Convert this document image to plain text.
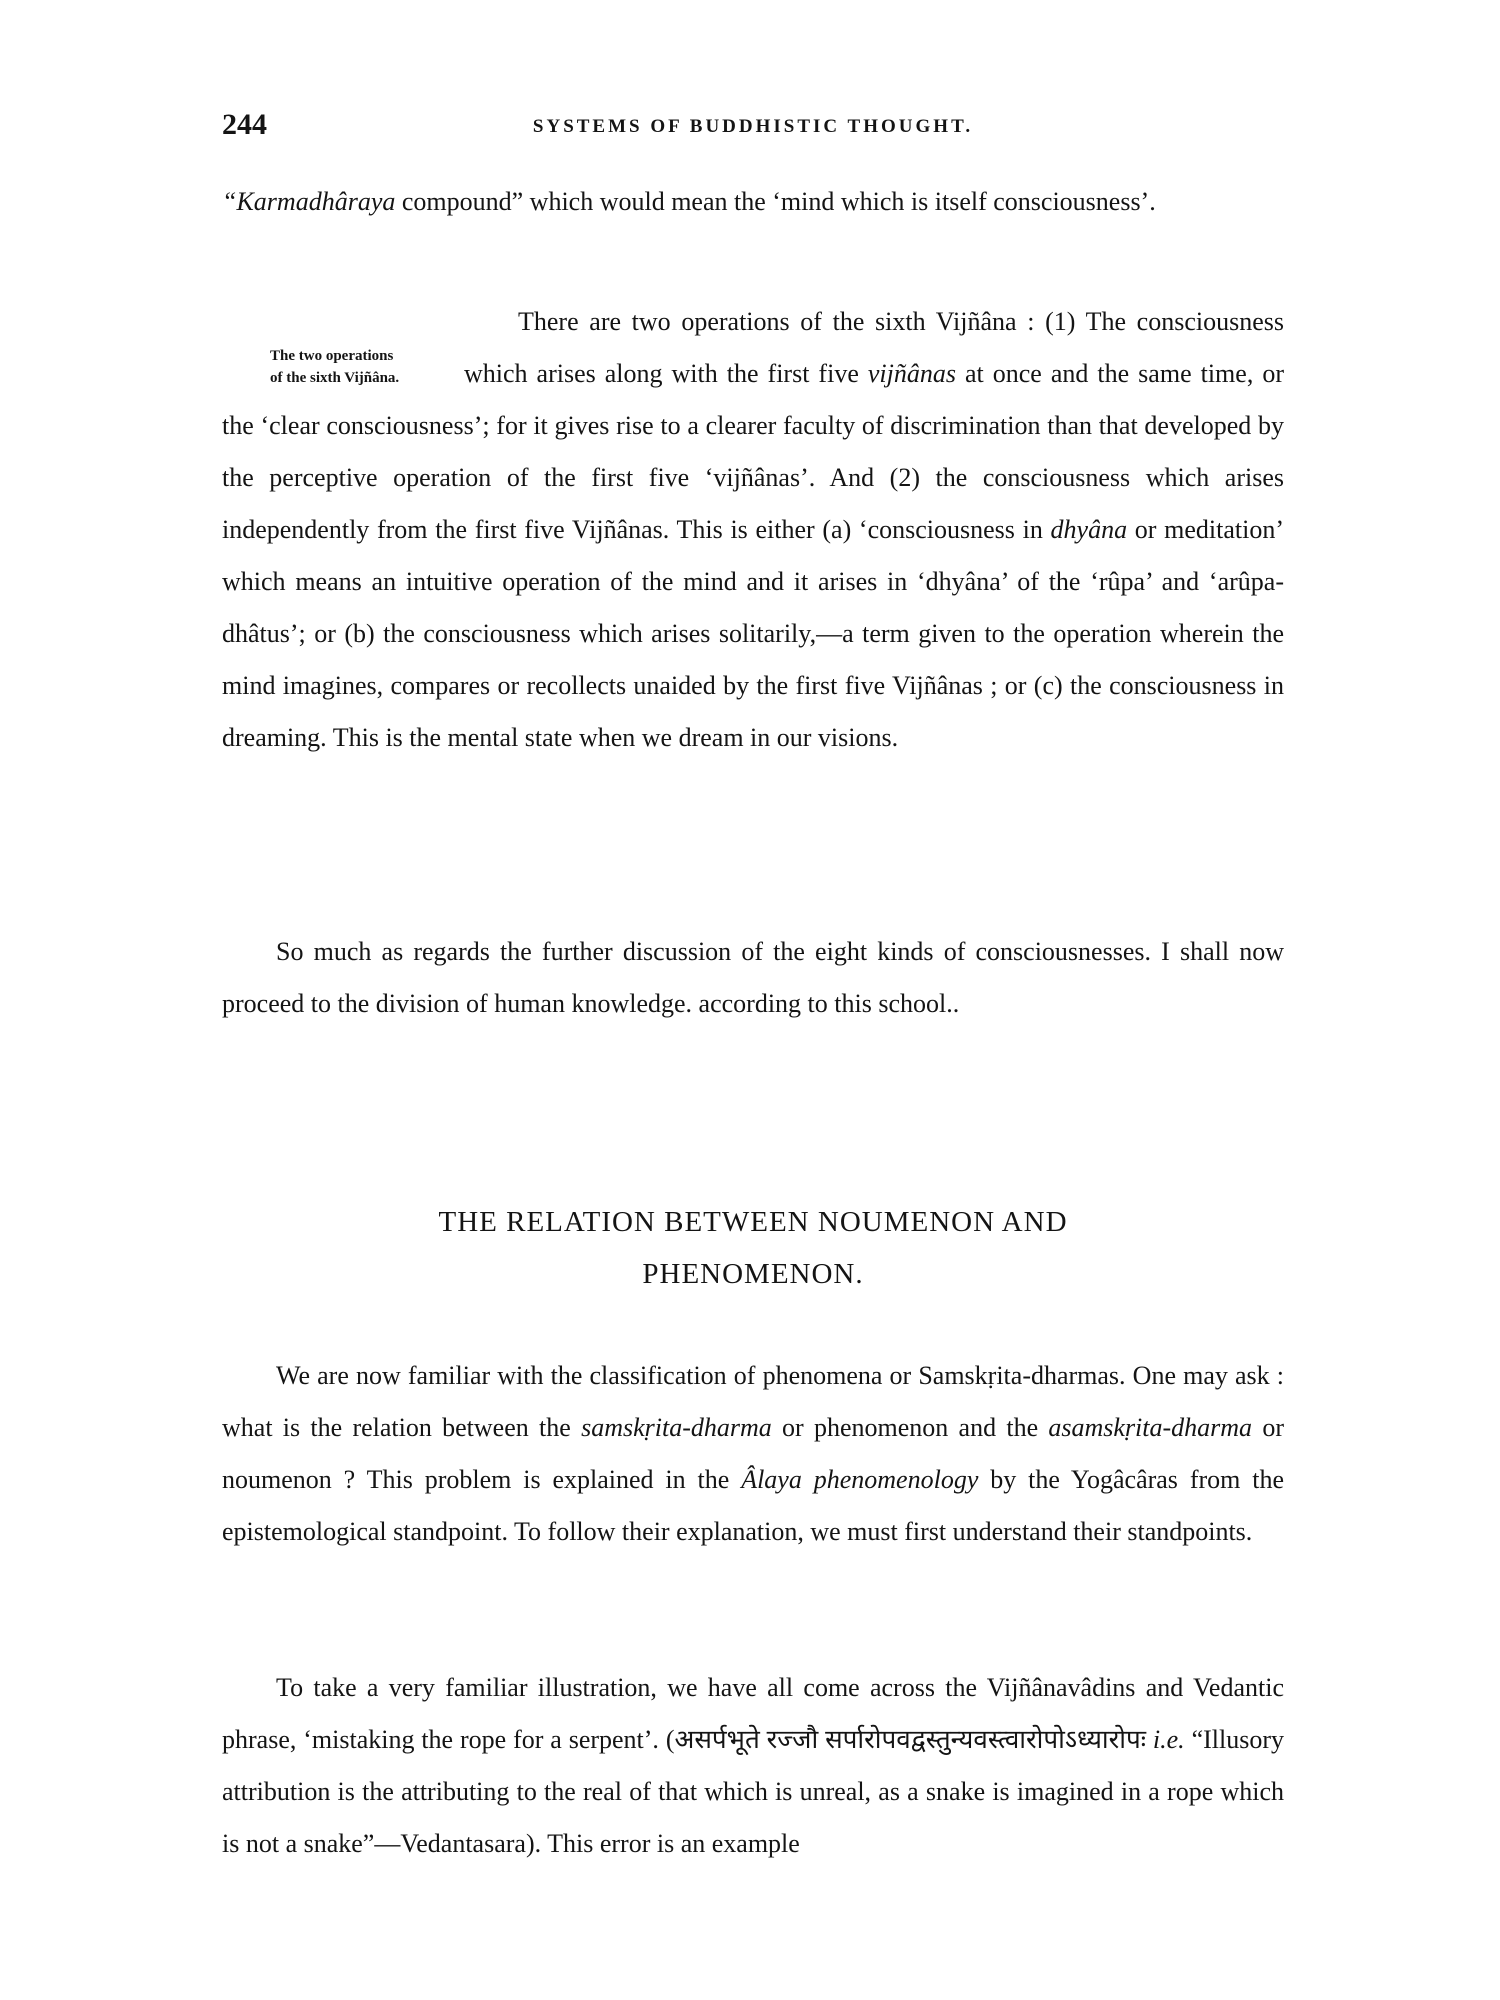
244	SYSTEMS OF BUDDHISTIC THOUGHT.

“Karmadhâraya compound” which would mean the ‘mind which is itself consciousness’.

The two operations
of the sixth Vijñâna.
There are two operations of the sixth Vijñâna : (1) The consciousness which arises along with the first five vijñânas at once and the same time, or the ‘clear consciousness’; for it gives rise to a clearer faculty of discrimination than that developed by the perceptive operation of the first five ‘vijñânas’. And (2) the consciousness which arises independently from the first five Vijñânas. This is either (a) ‘consciousness in dhyâna or meditation’ which means an intuitive operation of the mind and it arises in ‘dhyâna’ of the ‘rûpa’ and ‘arûpa-dhâtus’; or (b) the consciousness which arises solitarily,—a term given to the operation wherein the mind imagines, compares or recollects unaided by the first five Vijñânas ; or (c) the consciousness in dreaming. This is the mental state when we dream in our visions.

So much as regards the further discussion of the eight kinds of consciousnesses. I shall now proceed to the division of human knowledge. according to this school..

THE RELATION BETWEEN NOUMENON AND
PHENOMENON.

We are now familiar with the classification of phenomena or Samskṛita-dharmas. One may ask : what is the relation between the samskṛita-dharma or phenomenon and the asamskṛita-dharma or noumenon ? This problem is explained in the Âlaya phenomenology by the Yogâcâras from the epistemological standpoint. To follow their explanation, we must first understand their standpoints.

To take a very familiar illustration, we have all come across the Vijñânavâdins and Vedantic phrase, ‘mistaking the rope for a serpent’. (असर्पभूते रज्जौ सर्पारोपवद्वस्तुन्यवस्त्वारोपोऽध्यारोपः i.e. “Illusory attribution is the attributing to the real of that which is unreal, as a snake is imagined in a rope which is not a snake”—Vedantasara). This error is an example
